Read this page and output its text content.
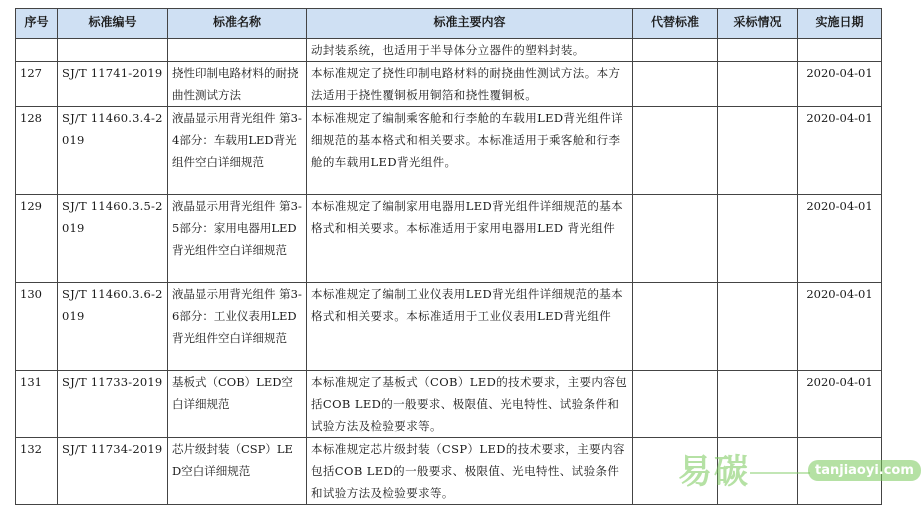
序号	标准编号	标准名称	标准主要内容	代替标准	采标情况	实施日期
			动封装系统，也适用于半导体分立器件的塑料封装。			
127	SJ/T 11741-2019	挠性印制电路材料的耐挠曲性测试方法	本标准规定了挠性印制电路材料的耐挠曲性测试方法。本方法适用于挠性覆铜板用铜箔和挠性覆铜板。			2020-04-01
128	SJ/T 11460.3.4-2019	液晶显示用背光组件 第3-4部分：车载用LED背光组件空白详细规范	本标准规定了编制乘客舱和行李舱的车载用LED背光组件详细规范的基本格式和相关要求。本标准适用于乘客舱和行李舱的车载用LED背光组件。			2020-04-01
129	SJ/T 11460.3.5-2019	液晶显示用背光组件 第3-5部分：家用电器用LED背光组件空白详细规范	本标准规定了编制家用电器用LED背光组件详细规范的基本格式和相关要求。本标准适用于家用电器用LED 背光组件			2020-04-01
130	SJ/T 11460.3.6-2019	液晶显示用背光组件 第3-6部分：工业仪表用LED背光组件空白详细规范	本标准规定了编制工业仪表用LED背光组件详细规范的基本格式和相关要求。本标准适用于工业仪表用LED背光组件			2020-04-01
131	SJ/T 11733-2019	基板式（COB）LED空白详细规范	本标准规定了基板式（COB）LED的技术要求，主要内容包括COB LED的一般要求、极限值、光电特性、试验条件和试验方法及检验要求等。			2020-04-01
132	SJ/T 11734-2019	芯片级封装（CSP）LED空白详细规范	本标准规定芯片级封装（CSP）LED的技术要求，主要内容包括COB LED的一般要求、极限值、光电特性、试验条件和试验方法及检验要求等。			
易碳	tanjiaoyi.com
